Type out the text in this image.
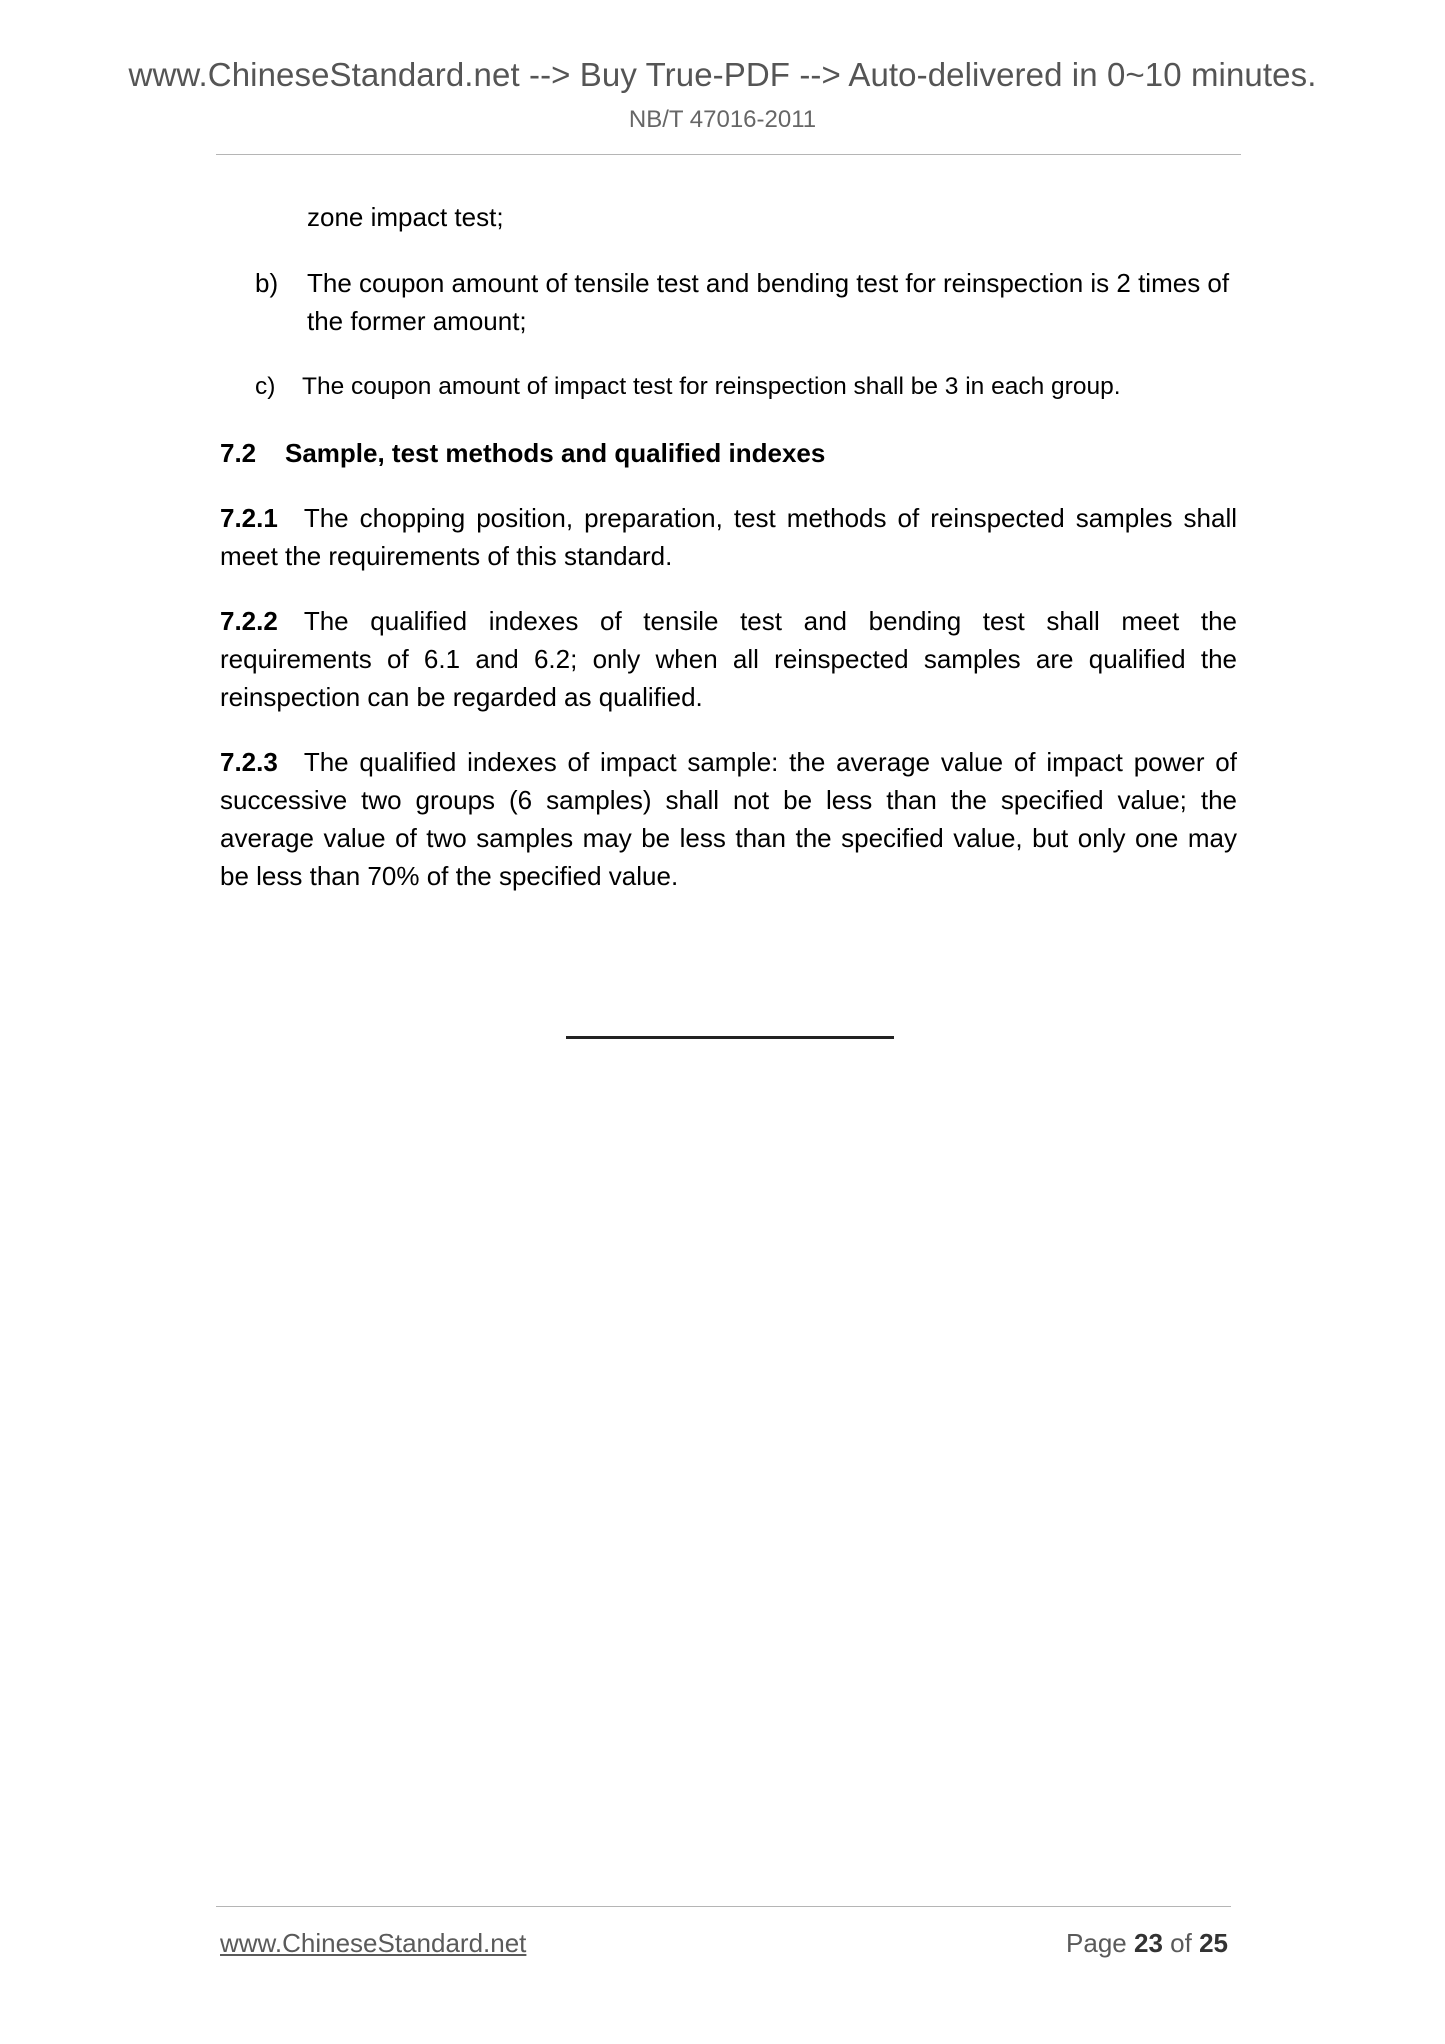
www.ChineseStandard.net --> Buy True-PDF --> Auto-delivered in 0~10 minutes.
NB/T 47016-2011

zone impact test;

b) The coupon amount of tensile test and bending test for reinspection is 2 times of the former amount;
c) The coupon amount of impact test for reinspection shall be 3 in each group.
7.2 Sample, test methods and qualified indexes

7.2.1 The chopping position, preparation, test methods of reinspected samples shall meet the requirements of this standard.

7.2.2 The qualified indexes of tensile test and bending test shall meet the requirements of 6.1 and 6.2; only when all reinspected samples are qualified the reinspection can be regarded as qualified.

7.2.3 The qualified indexes of impact sample: the average value of impact power of successive two groups (6 samples) shall not be less than the specified value; the average value of two samples may be less than the specified value, but only one may be less than 70% of the specified value.

www.ChineseStandard.net	Page 23 of 25
